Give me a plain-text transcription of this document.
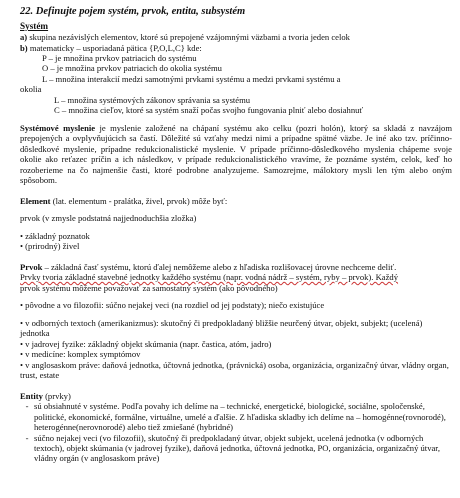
22. Definujte pojem systém, prvok, entita, subsystém

Systém

a) skupina nezávislých elementov, ktoré sú prepojené vzájomnými väzbami a tvoria jeden celok

b) matematicky – usporiadaná pätica {P,O,L,C} kde:

P – je množina prvkov patriacich do systému

O – je množina prvkov patriacich do okolia systému

L – množina interakcií medzi samotnými prvkami systému a medzi prvkami systému a

okolia

L – množina systémových zákonov správania sa systému

C – množina cieľov, ktoré sa systém snaží počas svojho fungovania plniť alebo dosiahnuť

Systémové myslenie je myslenie založené na chápaní systému ako celku (pozri holón), ktorý sa skladá z navzájom prepojených a ovplyvňujúcich sa častí. Dôležité sú vzťahy medzi nimi a prípadne spätné väzbe. Je iné ako tzv. príčinno-dôsledkové myslenie, prípadne redukcionalistické myslenie. V prípade príčinno-dôsledkového myslenia chápeme svoje okolie ako reťazec príčin a ich následkov, v prípade redukcionalistického vravíme, že poznáme systém, celok, keď ho rozoberieme na čo najmenšie časti, ktoré podrobne analyzujeme. Samozrejme, máloktory mysli len tým alebo oným spôsobom.

Element (lat. elementum - pralátka, živel, prvok) môže byť:

prvok (v zmysle podstatná najjednoduchšia zložka)

• základný poznatok

• (prirodný) živel

Prvok – základná časť systému, ktorú ďalej nemôžeme alebo z hľadiska rozlišovacej úrovne nechceme deliť.

Prvky tvoria základné stavebné jednotky každého systému (napr. vodná nádrž – systém, ryby – prvok). Každý

prvok systému môžeme považovať za samostatný systém (ako pôvodného)

• pôvodne a vo filozofii: súčno nejakej veci (na rozdiel od jej podstaty); niečo existujúce

• v odborných textoch (amerikanizmus): skutočný či predpokladaný bližšie neurčený útvar, objekt, subjekt; (ucelená) jednotka

• v jadrovej fyzike: základný objekt skúmania (napr. častica, atóm, jadro)

• v medicíne: komplex symptómov

• v anglosaskom práve: daňová jednotka, účtovná jednotka, (právnická) osoba, organizácia, organizačný útvar, vládny organ, trust, estate

Entity (prvky)

- sú obsiahnuté v systéme. Podľa povahy ich delíme na – technické, energetické, biologické, sociálne, spoločenské, politické, ekonomické, formálne, virtuálne, umelé a ďalšie. Z hľadiska skladby ich delíme na – homogénne(rovnorodé), heterogénne(nerovnorodé) alebo tiež zmiešané (hybridné)
- súčno nejakej veci (vo filozofii), skutočný či predpokladaný útvar, objekt subjekt, ucelená jednotka (v odborných textoch), objekt skúmania (v jadrovej fyzike), daňová jednotka, účtovná jednotka, PO, organizácia, organizačný útvar, vládny orgán (v anglosaskom práve)
